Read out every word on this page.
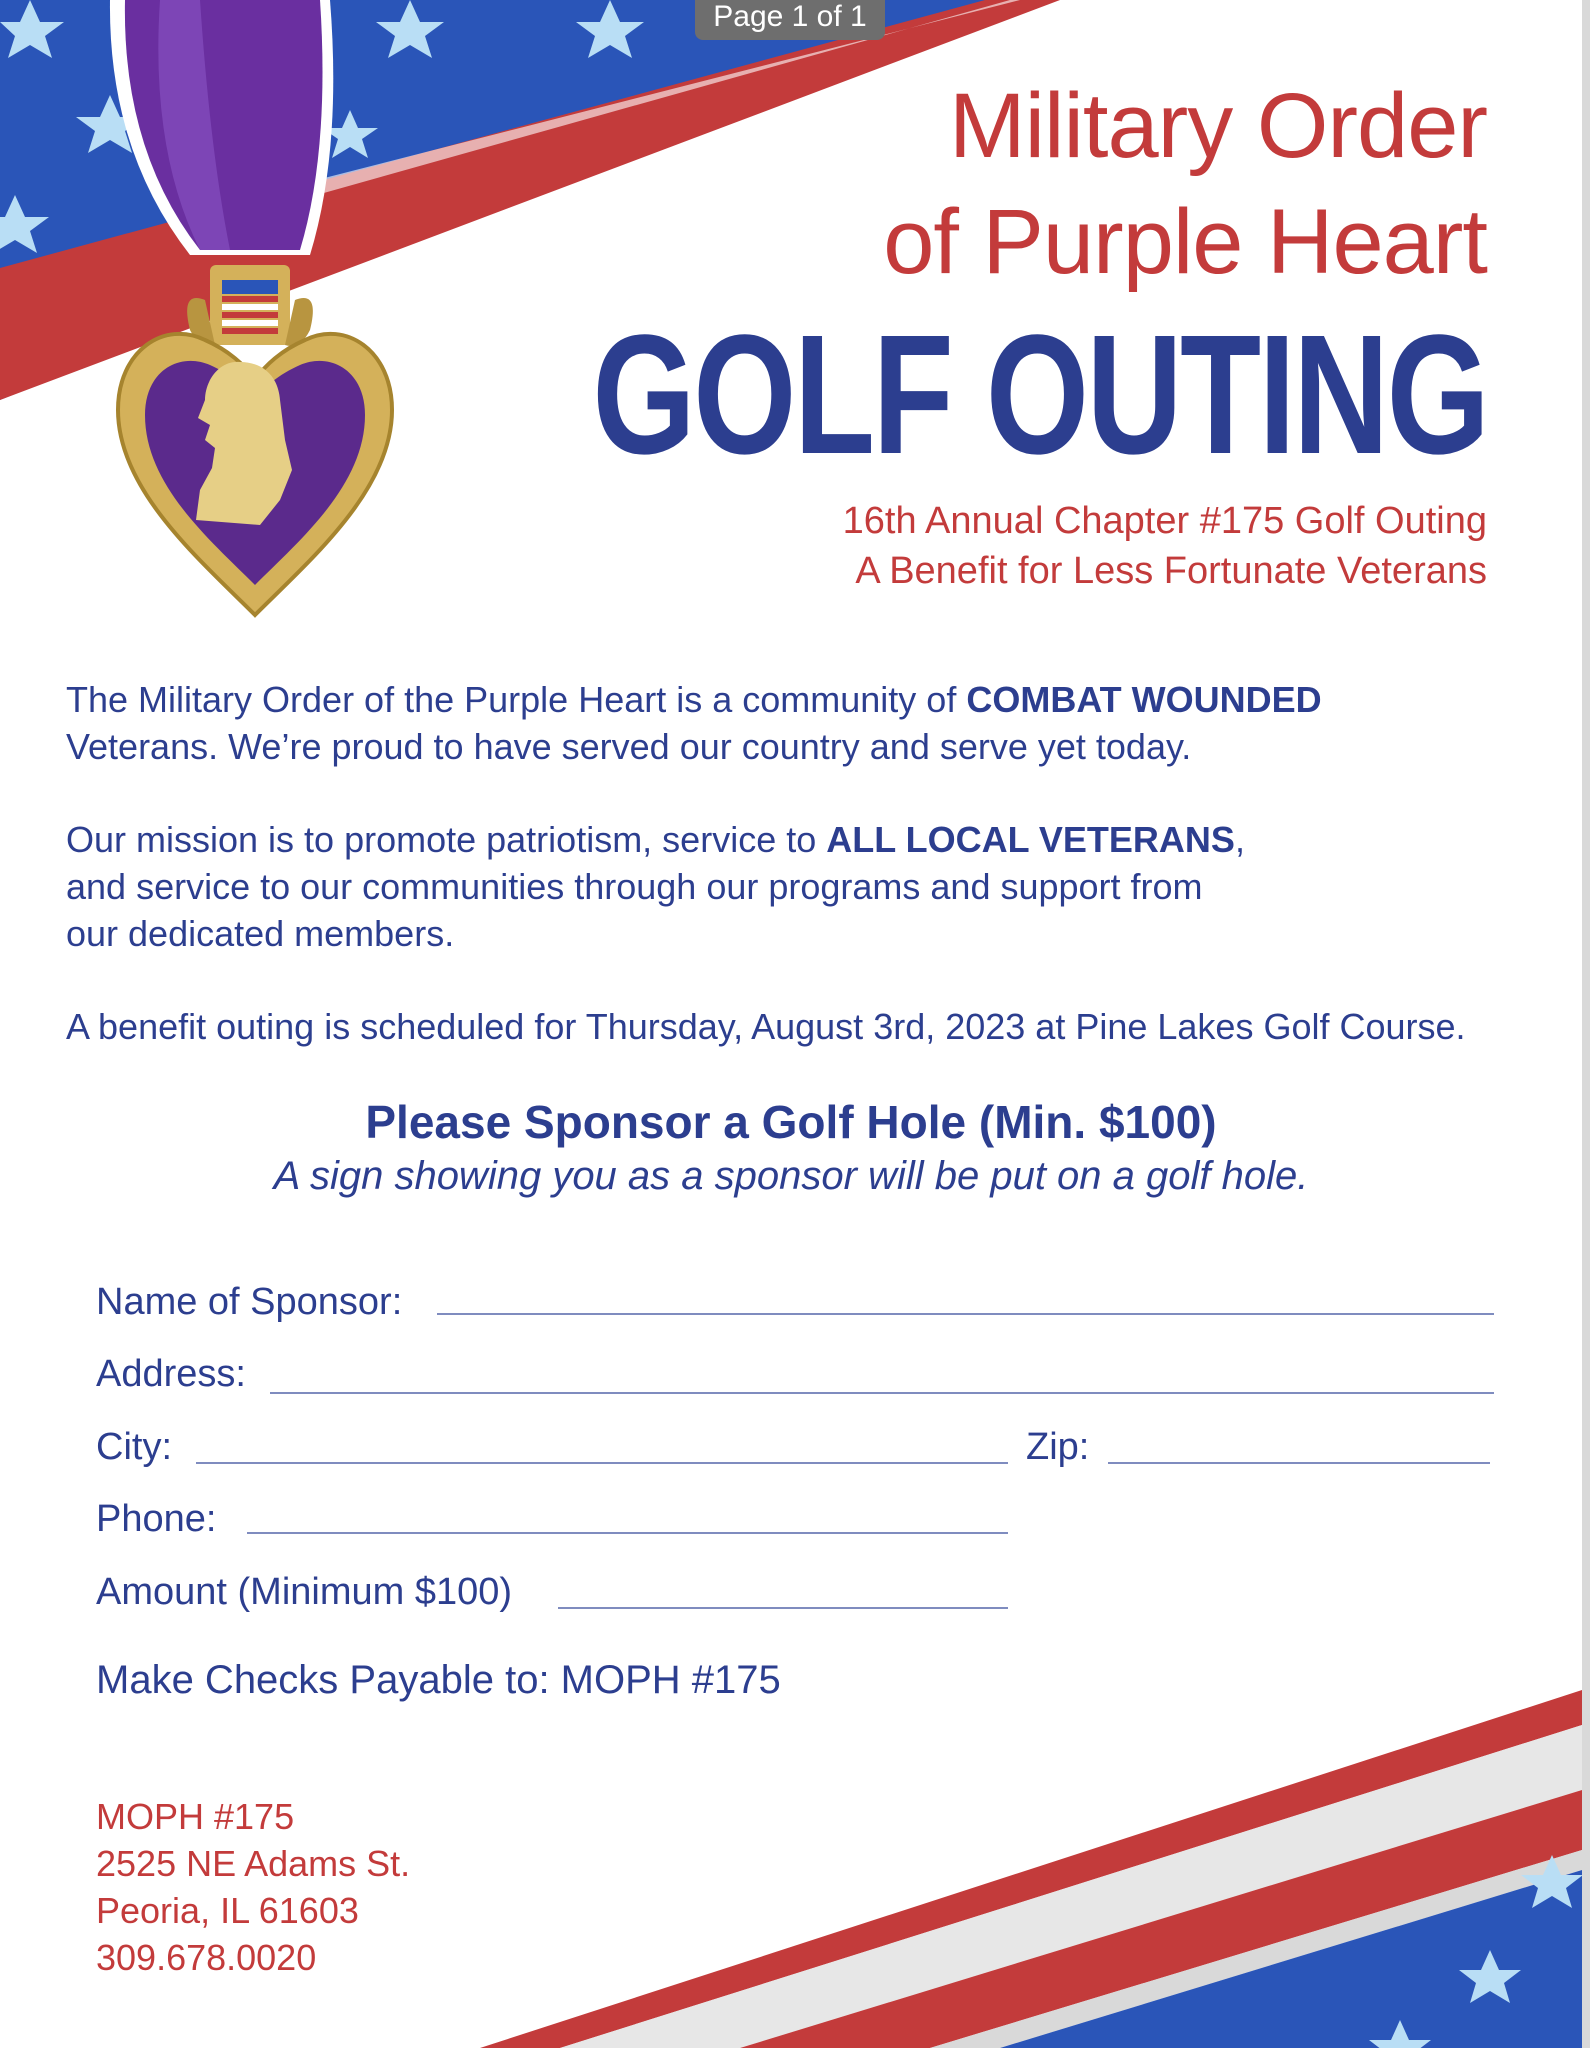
Page 1 of 1
Military Order
of Purple Heart
GOLF OUTING
16th Annual Chapter #175 Golf Outing
A Benefit for Less Fortunate Veterans
The Military Order of the Purple Heart is a community of COMBAT WOUNDED
Veterans. We’re proud to have served our country and serve yet today.
Our mission is to promote patriotism, service to ALL LOCAL VETERANS,
and service to our communities through our programs and support from
our dedicated members.
A benefit outing is scheduled for Thursday, August 3rd, 2023 at Pine Lakes Golf Course.
Please Sponsor a Golf Hole (Min. $100)
A sign showing you as a sponsor will be put on a golf hole.
Name of Sponsor:
Address:
City:	Zip:
Phone:
Amount (Minimum $100)
Make Checks Payable to: MOPH #175
MOPH #175
2525 NE Adams St.
Peoria, IL 61603
309.678.0020
